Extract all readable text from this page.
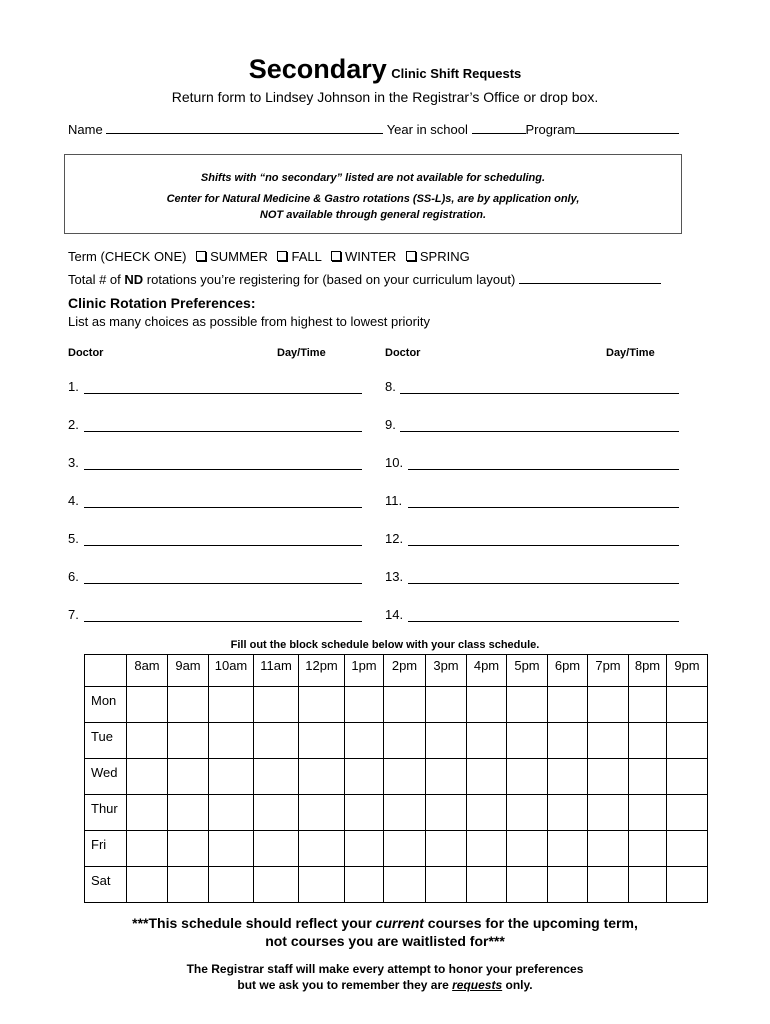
Secondary Clinic Shift Requests
Return form to Lindsey Johnson in the Registrar’s Office or drop box.
Name	Year in school	Program

Shifts with “no secondary” listed are not available for scheduling.

Center for Natural Medicine & Gastro rotations (SS-L)s, are by application only,

NOT available through general registration.

Term (CHECK ONE) SUMMER FALL WINTER SPRING
Total # of ND rotations you’re registering for (based on your curriculum layout)
Clinic Rotation Preferences:
List as many choices as possible from highest to lowest priority
Doctor	Day/Time	Doctor	Day/Time
1.
2.
3.
4.
5.
6.
7.
8.
9.
10.
11.
12.
13.
14.
Fill out the block schedule below with your class schedule.
	8am	9am	10am	11am	12pm	1pm	2pm	3pm	4pm	5pm	6pm	7pm	8pm	9pm
Mon														
Tue														
Wed														
Thur														
Fri														
Sat														
***This schedule should reflect your current courses for the upcoming term,
not courses you are waitlisted for***
The Registrar staff will make every attempt to honor your preferences
but we ask you to remember they are requests only.
